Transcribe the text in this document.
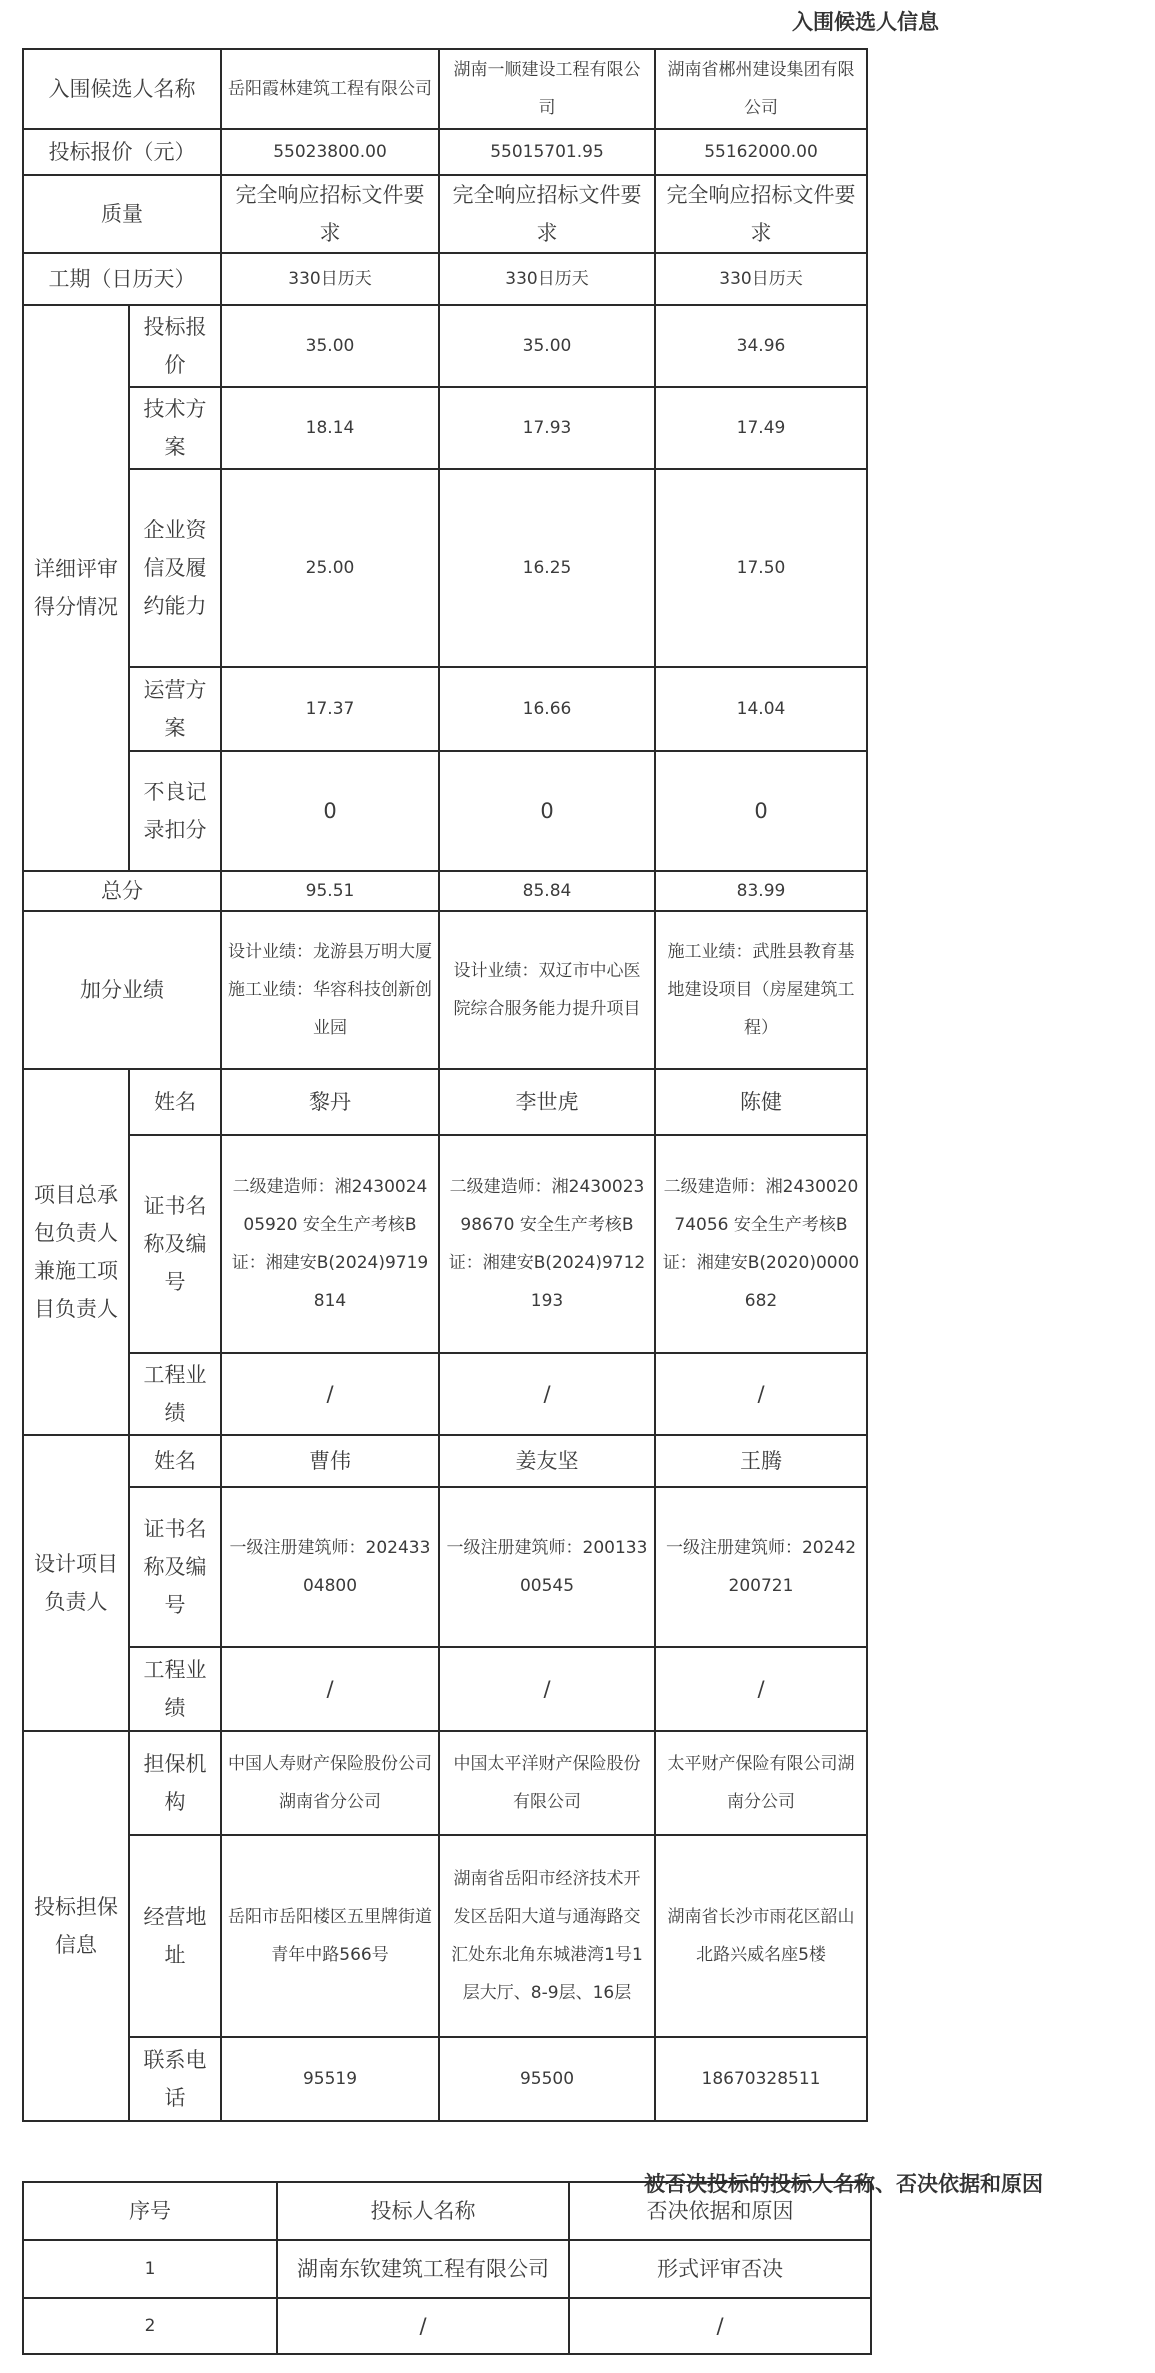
入围候选人信息
入围候选人名称		岳阳霞林建筑工程有限公司	湖南一顺建设工程有限公司	湖南省郴州建设集团有限公司
投标报价（元）		55023800.00	55015701.95	55162000.00
质量		完全响应招标文件要求	完全响应招标文件要求	完全响应招标文件要求
工期（日历天）		330日历天	330日历天	330日历天
详细评审得分情况	投标报价	35.00	35.00	34.96
	技术方案	18.14	17.93	17.49
	企业资信及履约能力	25.00	16.25	17.50
	运营方案	17.37	16.66	14.04
	不良记录扣分	0	0	0
总分		95.51	85.84	83.99
加分业绩		设计业绩：龙游县万明大厦 施工业绩：华容科技创新创业园	设计业绩：双辽市中心医院综合服务能力提升项目	施工业绩：武胜县教育基地建设项目（房屋建筑工程）
项目总承包负责人兼施工项目负责人	姓名	黎丹	李世虎	陈健
	证书名称及编号	二级建造师：湘243002405920 安全生产考核B证：湘建安B(2024)9719814	二级建造师：湘243002398670 安全生产考核B证：湘建安B(2024)9712193	二级建造师：湘243002074056 安全生产考核B证：湘建安B(2020)0000682
	工程业绩	/	/	/
设计项目负责人	姓名	曹伟	姜友坚	王腾
	证书名称及编号	一级注册建筑师：20243304800	一级注册建筑师：20013300545	一级注册建筑师：20242200721
	工程业绩	/	/	/
投标担保信息	担保机构	中国人寿财产保险股份公司湖南省分公司	中国太平洋财产保险股份有限公司	太平财产保险有限公司湖南分公司
	经营地址	岳阳市岳阳楼区五里牌街道青年中路566号	湖南省岳阳市经济技术开发区岳阳大道与通海路交汇处东北角东城港湾1号1层大厅、8-9层、16层	湖南省长沙市雨花区韶山北路兴威名座5楼
	联系电话	95519	95500	18670328511
被否决投标的投标人名称、否决依据和原因
序号	投标人名称	否决依据和原因
1	湖南东钦建筑工程有限公司	形式评审否决
2	/	/
